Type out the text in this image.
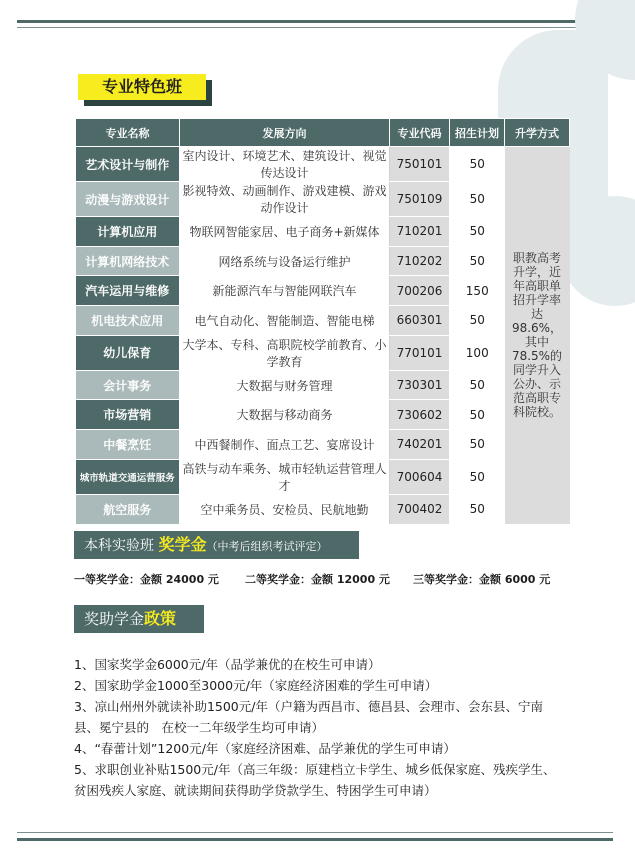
专业特色班
专业名称	发展方向	专业代码	招生计划	升学方式
艺术设计与制作	室内设计、环境艺术、建筑设计、视觉传达设计	750101	50	职教高考升学，近年高职单招升学率达98.6%，其中78.5%的同学升入公办、示范高职专科院校。
动漫与游戏设计	影视特效、动画制作、游戏建模、游戏动作设计	750109	50	
计算机应用	物联网智能家居、电子商务+新媒体	710201	50	
计算机网络技术	网络系统与设备运行维护	710202	50	
汽车运用与维修	新能源汽车与智能网联汽车	700206	150	
机电技术应用	电气自动化、智能制造、智能电梯	660301	50	
幼儿保育	大学本、专科、高职院校学前教育、小学教育	770101	100	
会计事务	大数据与财务管理	730301	50	
市场营销	大数据与移动商务	730602	50	
中餐烹饪	中西餐制作、面点工艺、宴席设计	740201	50	
城市轨道交通运营服务	高铁与动车乘务、城市轻轨运营管理人才	700604	50	
航空服务	空中乘务员、安检员、民航地勤	700402	50	
本科实验班 奖学金（中考后组织考试评定）
一等奖学金：金额 24000 元 二等奖学金：金额 12000 元 三等奖学金：金额 6000 元
奖助学金政策
1、国家奖学金6000元/年（品学兼优的在校生可申请）
2、国家助学金1000至3000元/年（家庭经济困难的学生可申请）
3、凉山州州外就读补助1500元/年（户籍为西昌市、德昌县、会理市、会东县、宁南县、冕宁县的　在校一二年级学生均可申请）
4、“春蕾计划”1200元/年（家庭经济困难、品学兼优的学生可申请）
5、求职创业补贴1500元/年（高三年级：原建档立卡学生、城乡低保家庭、残疾学生、贫困残疾人家庭、就读期间获得助学贷款学生、特困学生可申请）
